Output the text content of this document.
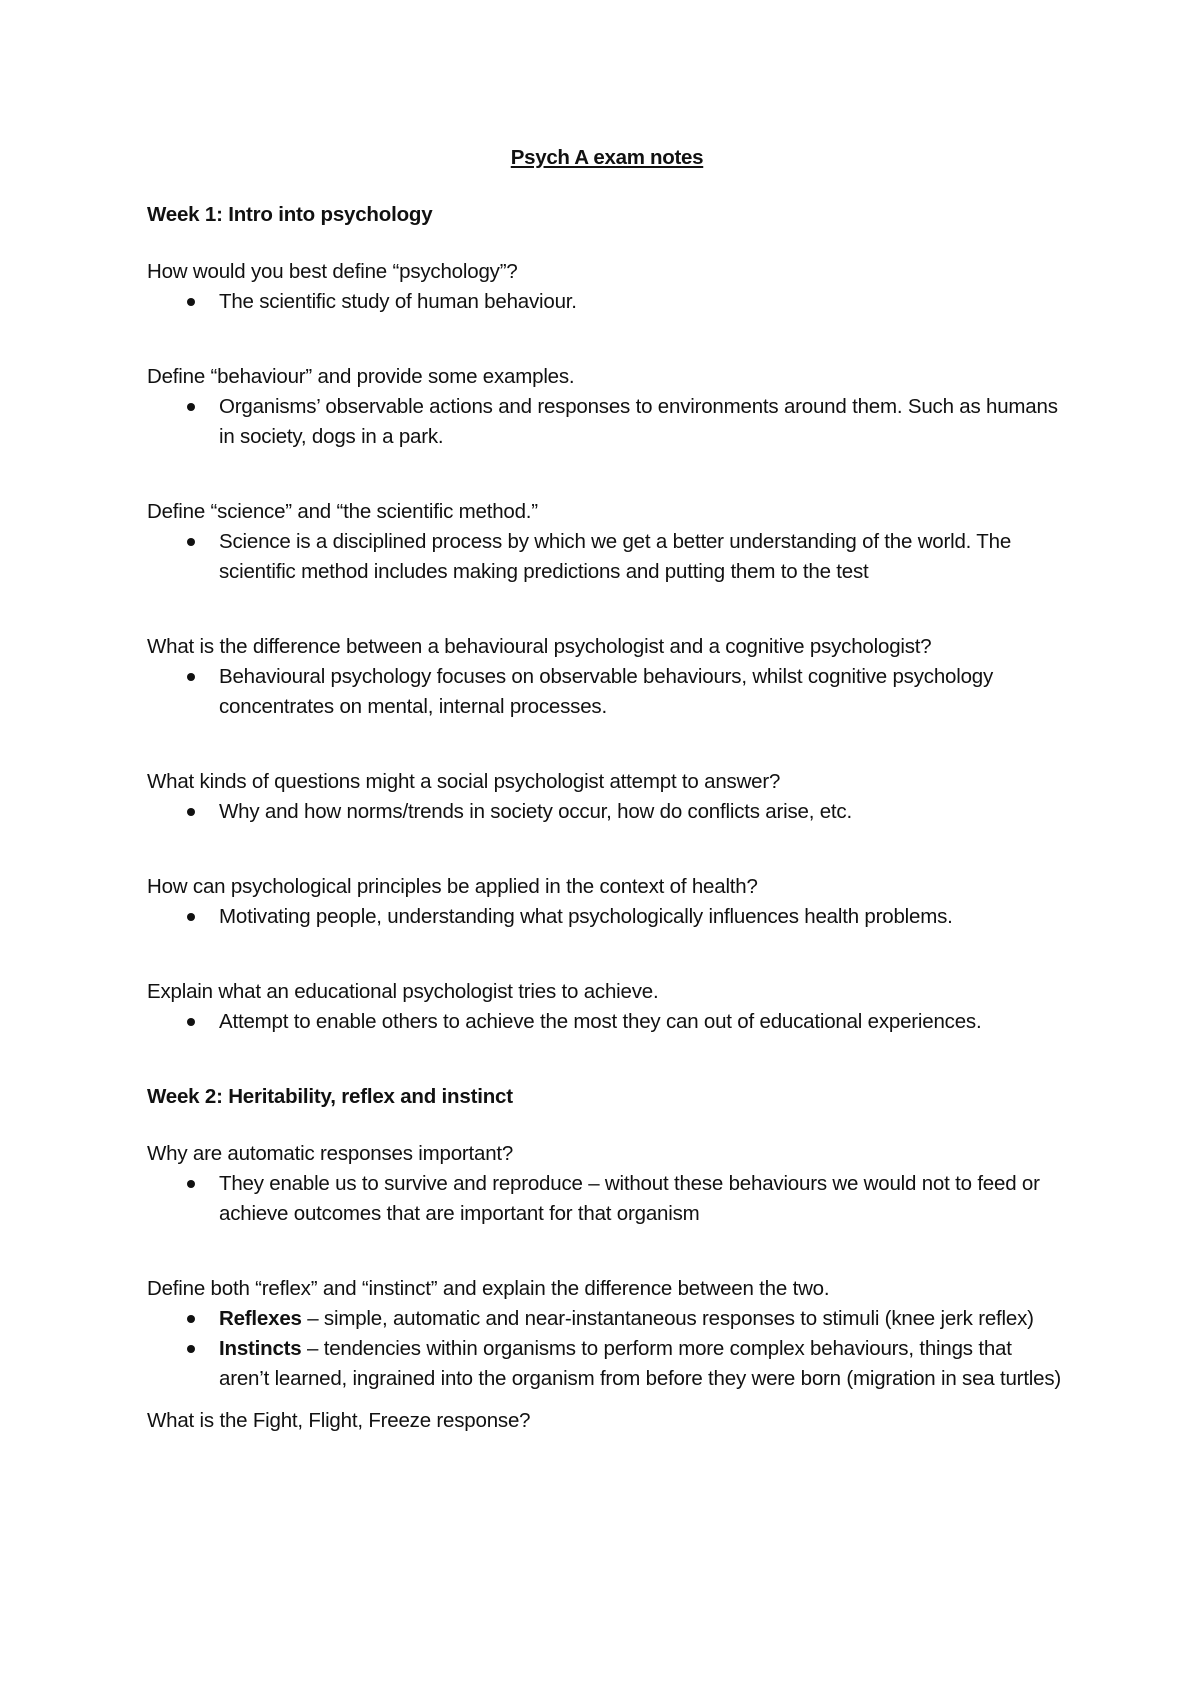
Psych A exam notes
Week 1: Intro into psychology

How would you best define “psychology”?

The scientific study of human behaviour.

Define “behaviour” and provide some examples.

Organisms’ observable actions and responses to environments around them. Such as humans in society, dogs in a park.

Define “science” and “the scientific method.”

Science is a disciplined process by which we get a better understanding of the world. The scientific method includes making predictions and putting them to the test

What is the difference between a behavioural psychologist and a cognitive psychologist?

Behavioural psychology focuses on observable behaviours, whilst cognitive psychology concentrates on mental, internal processes.

What kinds of questions might a social psychologist attempt to answer?

Why and how norms/trends in society occur, how do conflicts arise, etc.

How can psychological principles be applied in the context of health?

Motivating people, understanding what psychologically influences health problems.

Explain what an educational psychologist tries to achieve.

Attempt to enable others to achieve the most they can out of educational experiences.
Week 2: Heritability, reflex and instinct

Why are automatic responses important?

They enable us to survive and reproduce – without these behaviours we would not to feed or achieve outcomes that are important for that organism

Define both “reflex” and “instinct” and explain the difference between the two.

Reflexes – simple, automatic and near-instantaneous responses to stimuli (knee jerk reflex)
Instincts – tendencies within organisms to perform more complex behaviours, things that aren’t learned, ingrained into the organism from before they were born (migration in sea turtles)

What is the Fight, Flight, Freeze response?
